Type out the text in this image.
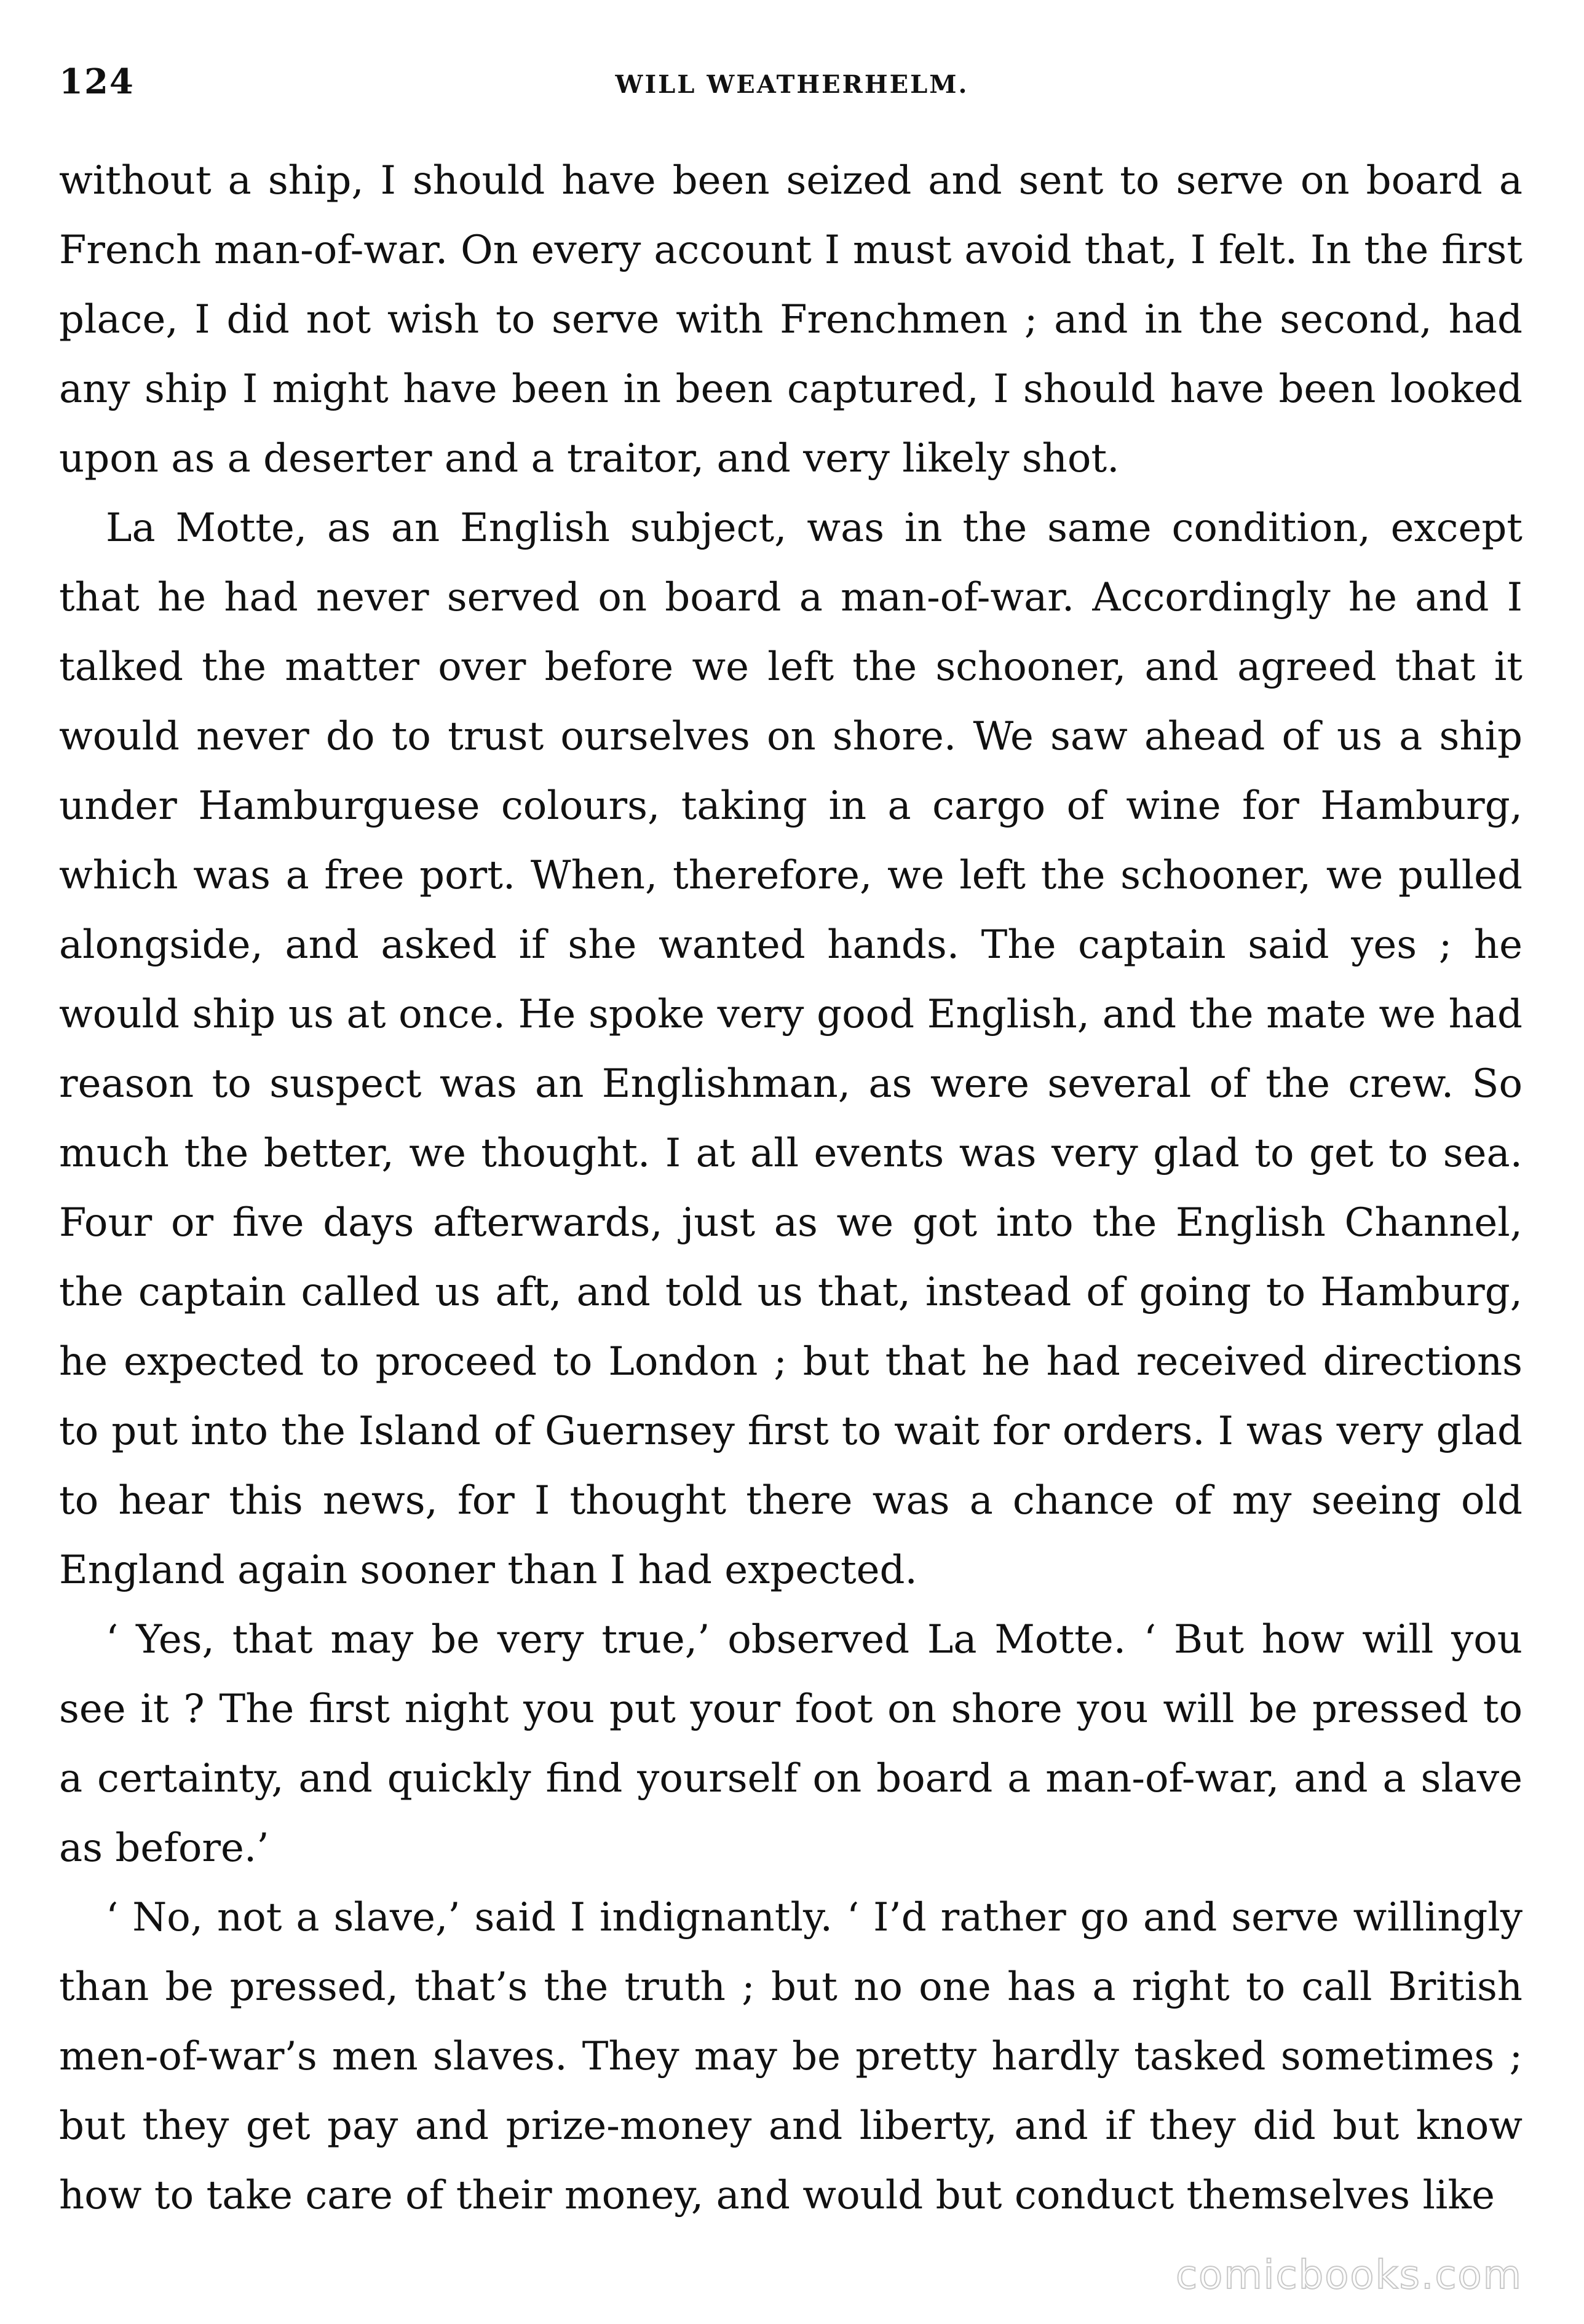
124	WILL WEATHERHELM.

without a ship, I should have been seized and sent to serve on board a French man-of-war. On every account I must avoid that, I felt. In the first place, I did not wish to serve with Frenchmen ; and in the second, had any ship I might have been in been captured, I should have been looked upon as a deserter and a traitor, and very likely shot.

La Motte, as an English subject, was in the same condition, except that he had never served on board a man-of-war. Accordingly he and I talked the matter over before we left the schooner, and agreed that it would never do to trust ourselves on shore. We saw ahead of us a ship under Hamburguese colours, taking in a cargo of wine for Hamburg, which was a free port. When, therefore, we left the schooner, we pulled alongside, and asked if she wanted hands. The captain said yes ; he would ship us at once. He spoke very good English, and the mate we had reason to suspect was an Englishman, as were several of the crew. So much the better, we thought. I at all events was very glad to get to sea. Four or five days afterwards, just as we got into the English Channel, the captain called us aft, and told us that, instead of going to Hamburg, he expected to proceed to London ; but that he had received directions to put into the Island of Guernsey first to wait for orders. I was very glad to hear this news, for I thought there was a chance of my seeing old England again sooner than I had expected.

‘ Yes, that may be very true,’ observed La Motte. ‘ But how will you see it ? The first night you put your foot on shore you will be pressed to a certainty, and quickly find yourself on board a man-of-war, and a slave as before.’

‘ No, not a slave,’ said I indignantly. ‘ I’d rather go and serve willingly than be pressed, that’s the truth ; but no one has a right to call British men-of-war’s men slaves. They may be pretty hardly tasked sometimes ; but they get pay and prize-money and liberty, and if they did but know how to take care of their money, and would but conduct themselves like

comicbooks.com
